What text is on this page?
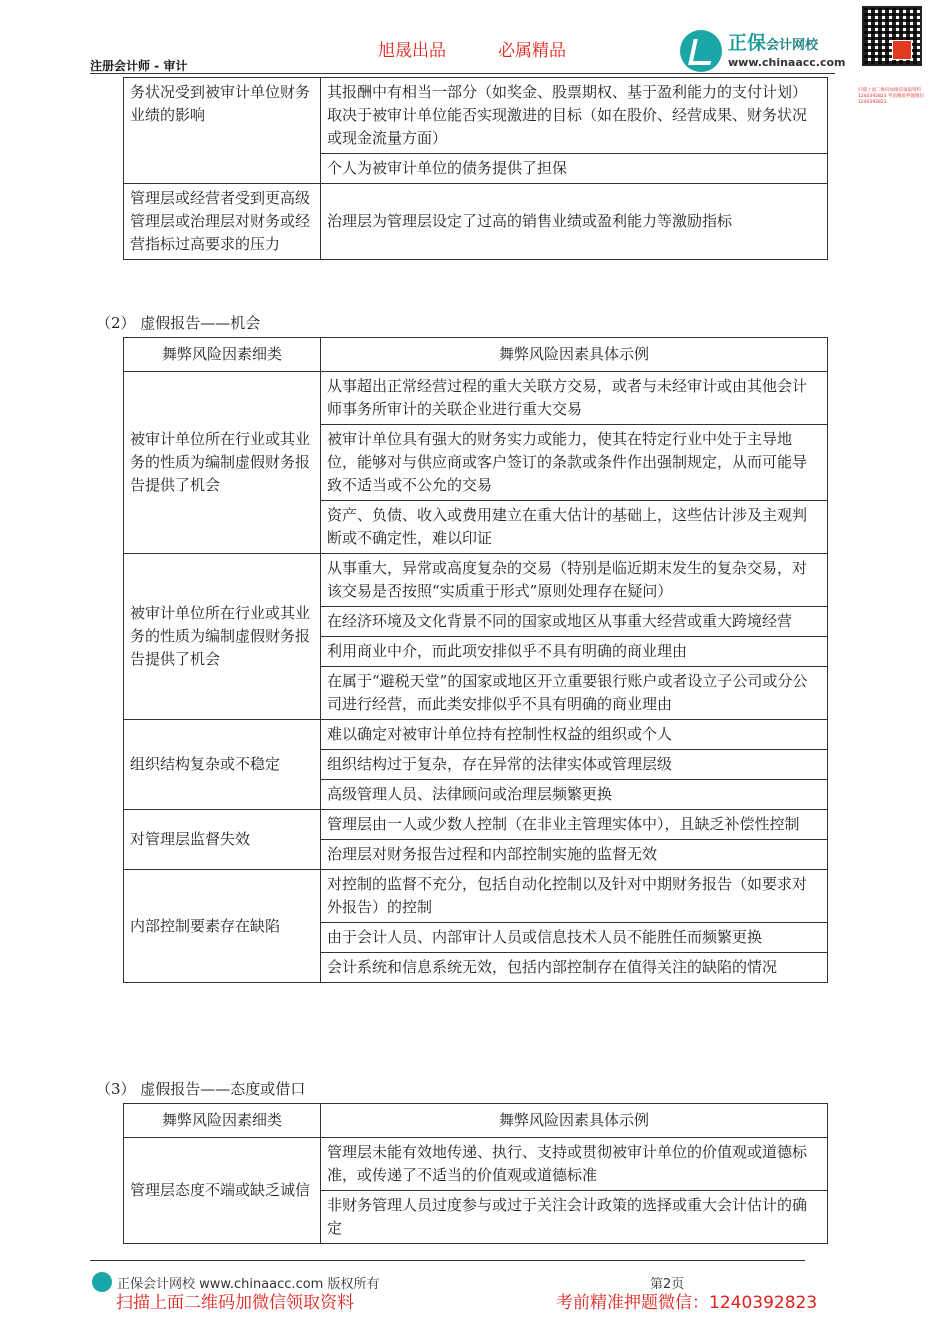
旭晟出品	必属精品
注册会计师 - 审计
正保会计网校
www.chinaacc.com
扫描上面二维码加微信领取资料 1240392823 考前精准押题微信：1240392823
务状况受到被审计单位财务业绩的影响	其报酬中有相当一部分（如奖金、股票期权、基于盈利能力的支付计划）取决于被审计单位能否实现激进的目标（如在股价、经营成果、财务状况或现金流量方面）
	个人为被审计单位的债务提供了担保
管理层或经营者受到更高级管理层或治理层对财务或经营指标过高要求的压力	治理层为管理层设定了过高的销售业绩或盈利能力等激励指标
（2） 虚假报告——机会
舞弊风险因素细类	舞弊风险因素具体示例
被审计单位所在行业或其业务的性质为编制虚假财务报告提供了机会	从事超出正常经营过程的重大关联方交易，或者与未经审计或由其他会计师事务所审计的关联企业进行重大交易
	被审计单位具有强大的财务实力或能力，使其在特定行业中处于主导地位，能够对与供应商或客户签订的条款或条件作出强制规定，从而可能导致不适当或不公允的交易
	资产、负债、收入或费用建立在重大估计的基础上，这些估计涉及主观判断或不确定性，难以印证
被审计单位所在行业或其业务的性质为编制虚假财务报告提供了机会	从事重大，异常或高度复杂的交易（特别是临近期末发生的复杂交易，对该交易是否按照“实质重于形式”原则处理存在疑问）
	在经济环境及文化背景不同的国家或地区从事重大经营或重大跨境经营
	利用商业中介，而此项安排似乎不具有明确的商业理由
	在属于“避税天堂”的国家或地区开立重要银行账户或者设立子公司或分公司进行经营，而此类安排似乎不具有明确的商业理由
组织结构复杂或不稳定	难以确定对被审计单位持有控制性权益的组织或个人
	组织结构过于复杂，存在异常的法律实体或管理层级
	高级管理人员、法律顾问或治理层频繁更换
对管理层监督失效	管理层由一人或少数人控制（在非业主管理实体中），且缺乏补偿性控制
	治理层对财务报告过程和内部控制实施的监督无效
内部控制要素存在缺陷	对控制的监督不充分，包括自动化控制以及针对中期财务报告（如要求对外报告）的控制
	由于会计人员、内部审计人员或信息技术人员不能胜任而频繁更换
	会计系统和信息系统无效，包括内部控制存在值得关注的缺陷的情况
（3） 虚假报告——态度或借口
舞弊风险因素细类	舞弊风险因素具体示例
管理层态度不端或缺乏诚信	管理层未能有效地传递、执行、支持或贯彻被审计单位的价值观或道德标准，或传递了不适当的价值观或道德标准
	非财务管理人员过度参与或过于关注会计政策的选择或重大会计估计的确定
正保会计网校 www.chinaacc.com 版权所有	第2页
扫描上面二维码加微信领取资料	考前精准押题微信：1240392823
